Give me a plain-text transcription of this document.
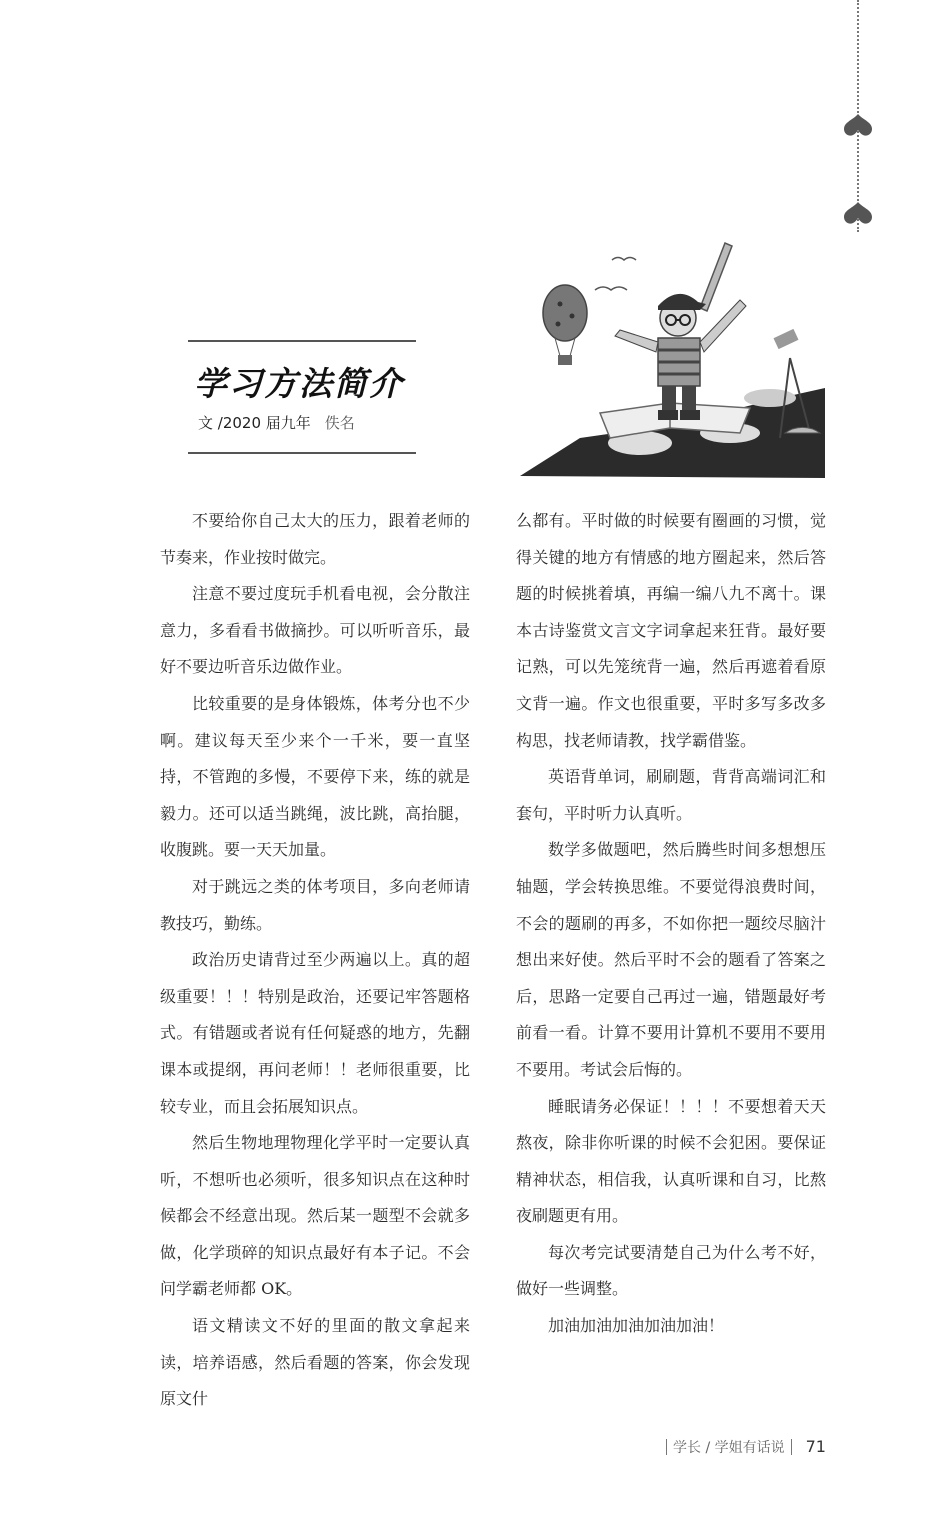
学习方法简介
文 /2020 届九年 佚名

不要给你自己太大的压力，跟着老师的节奏来，作业按时做完。

注意不要过度玩手机看电视，会分散注意力，多看看书做摘抄。可以听听音乐，最好不要边听音乐边做作业。

比较重要的是身体锻炼，体考分也不少啊。建议每天至少来个一千米，要一直坚持，不管跑的多慢，不要停下来，练的就是毅力。还可以适当跳绳，波比跳，高抬腿，收腹跳。要一天天加量。

对于跳远之类的体考项目，多向老师请教技巧，勤练。

政治历史请背过至少两遍以上。真的超级重要！！！特别是政治，还要记牢答题格式。有错题或者说有任何疑惑的地方，先翻课本或提纲，再问老师！！老师很重要，比较专业，而且会拓展知识点。

然后生物地理物理化学平时一定要认真听，不想听也必须听，很多知识点在这种时候都会不经意出现。然后某一题型不会就多做，化学琐碎的知识点最好有本子记。不会问学霸老师都 OK。

语文精读文不好的里面的散文拿起来读，培养语感，然后看题的答案，你会发现原文什

么都有。平时做的时候要有圈画的习惯，觉得关键的地方有情感的地方圈起来，然后答题的时候挑着填，再编一编八九不离十。课本古诗鉴赏文言文字词拿起来狂背。最好要记熟，可以先笼统背一遍，然后再遮着看原文背一遍。作文也很重要，平时多写多改多构思，找老师请教，找学霸借鉴。

英语背单词，刷刷题，背背高端词汇和套句，平时听力认真听。

数学多做题吧，然后腾些时间多想想压轴题，学会转换思维。不要觉得浪费时间，不会的题刷的再多，不如你把一题绞尽脑汁想出来好使。然后平时不会的题看了答案之后，思路一定要自己再过一遍，错题最好考前看一看。计算不要用计算机不要用不要用不要用。考试会后悔的。

睡眠请务必保证！！！！不要想着天天熬夜，除非你听课的时候不会犯困。要保证精神状态，相信我，认真听课和自习，比熬夜刷题更有用。

每次考完试要清楚自己为什么考不好，做好一些调整。

加油加油加油加油加油！

学长 / 学姐有话说 71
